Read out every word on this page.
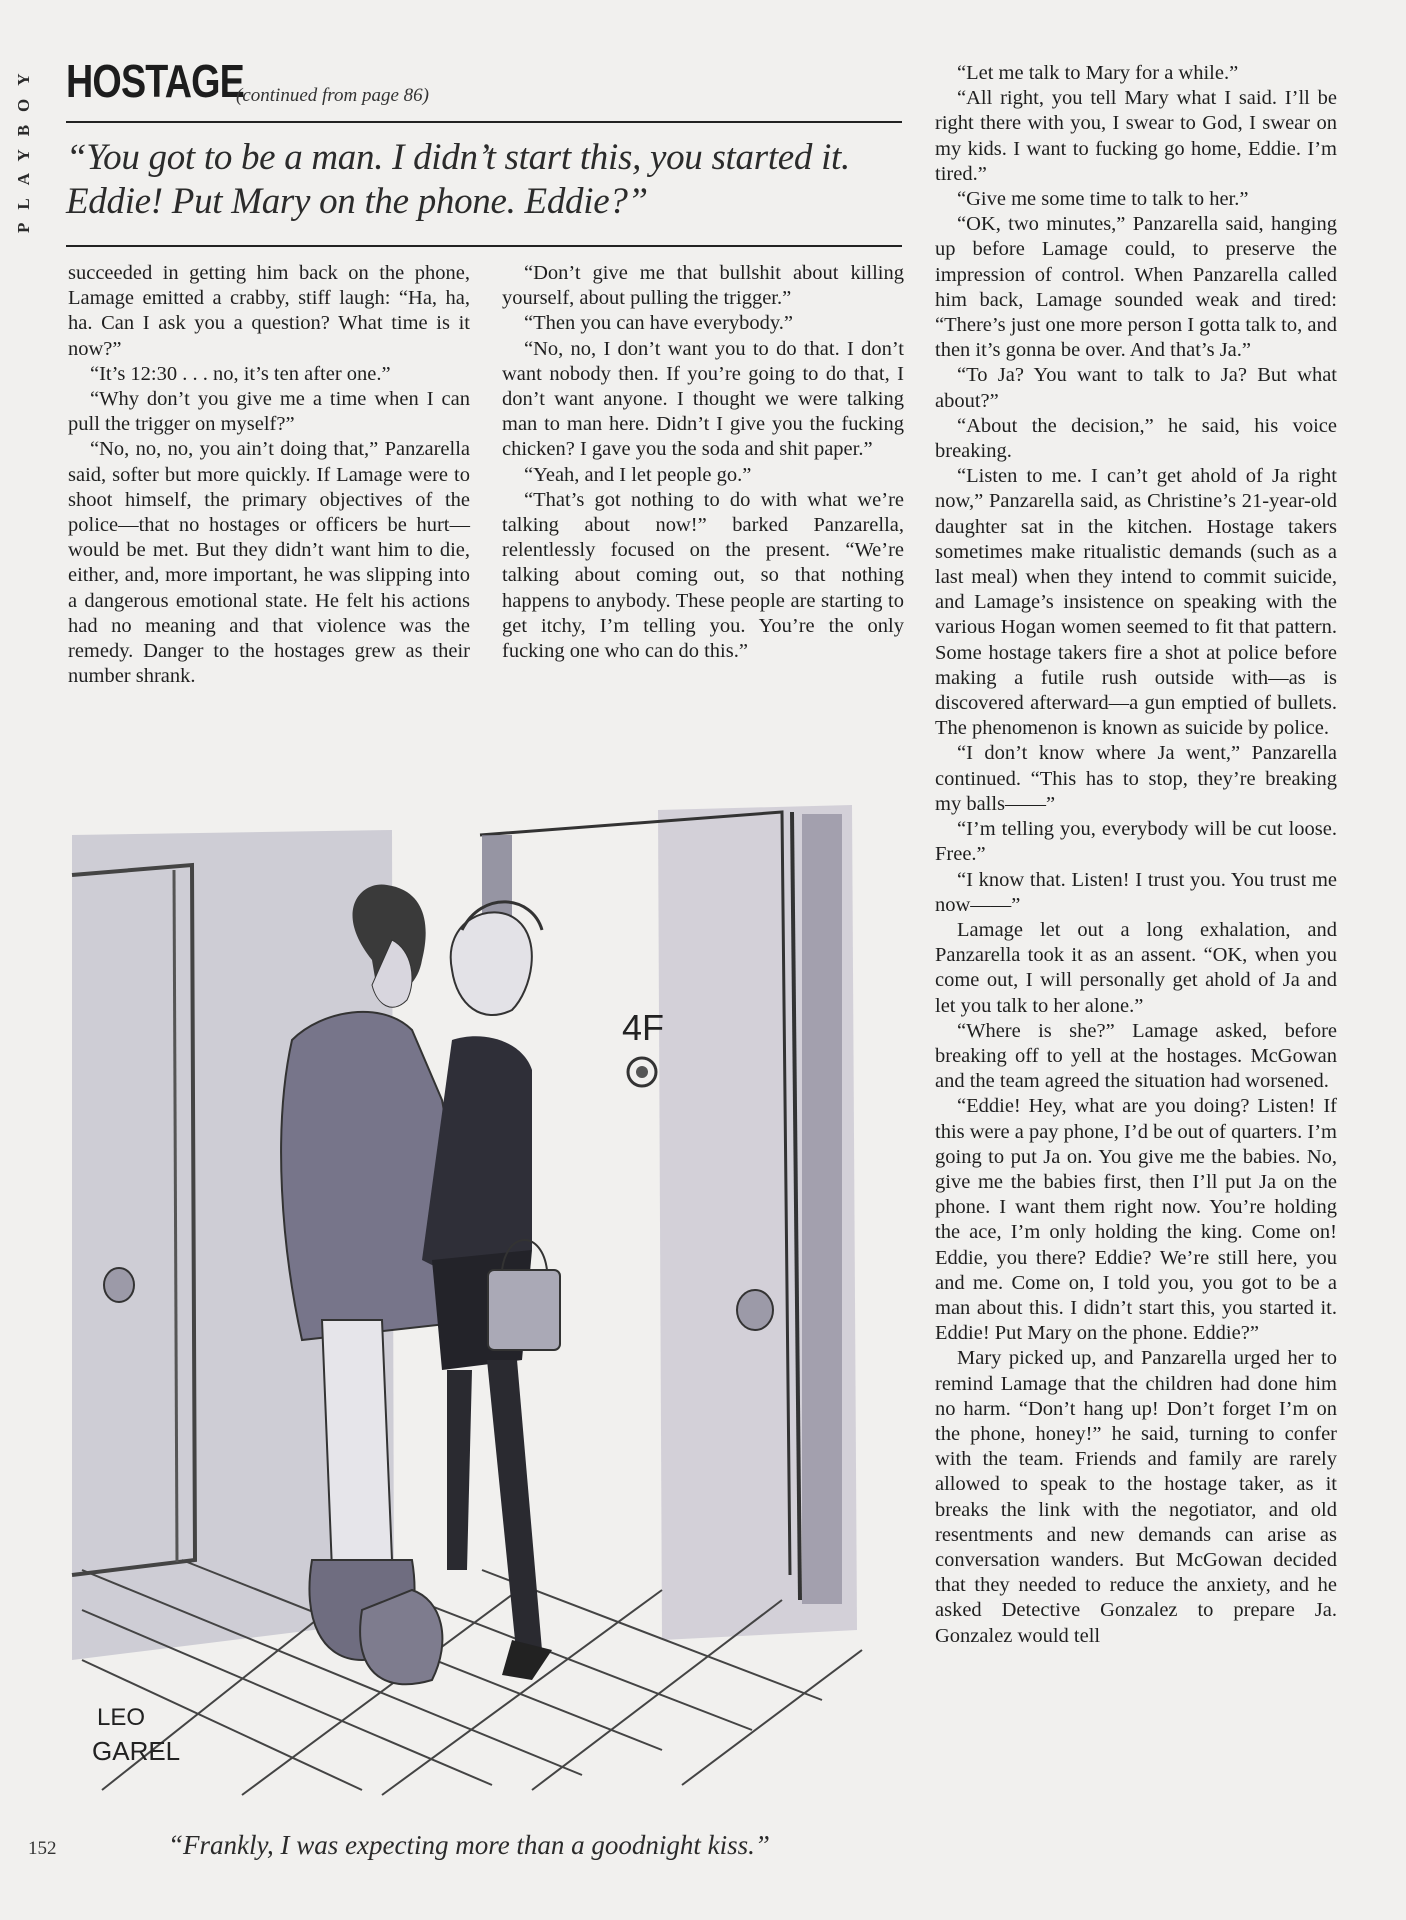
PLAYBOY HOSTAGE
(continued from page 86)
“You got to be a man. I didn’t start this, you started it. Eddie! Put Mary on the phone. Eddie?”

succeeded in getting him back on the phone, Lamage emitted a crabby, stiff laugh: “Ha, ha, ha. Can I ask you a question? What time is it now?”

“It’s 12:30 . . . no, it’s ten after one.”

“Why don’t you give me a time when I can pull the trigger on myself?”

“No, no, no, you ain’t doing that,” Panzarella said, softer but more quickly. If Lamage were to shoot himself, the primary objectives of the police—that no hostages or officers be hurt—would be met. But they didn’t want him to die, either, and, more important, he was slipping into a dangerous emotional state. He felt his actions had no meaning and that violence was the remedy. Danger to the hostages grew as their number shrank.

“Don’t give me that bullshit about killing yourself, about pulling the trigger.”

“Then you can have everybody.”

“No, no, I don’t want you to do that. I don’t want nobody then. If you’re going to do that, I don’t want anyone. I thought we were talking man to man here. Didn’t I give you the fucking chicken? I gave you the soda and shit paper.”

“Yeah, and I let people go.”

“That’s got nothing to do with what we’re talking about now!” barked Panzarella, relentlessly focused on the present. “We’re talking about coming out, so that nothing happens to anybody. These people are starting to get itchy, I’m telling you. You’re the only fucking one who can do this.”

“Let me talk to Mary for a while.”

“All right, you tell Mary what I said. I’ll be right there with you, I swear to God, I swear on my kids. I want to fucking go home, Eddie. I’m tired.”

“Give me some time to talk to her.”

“OK, two minutes,” Panzarella said, hanging up before Lamage could, to preserve the impression of control. When Panzarella called him back, Lamage sounded weak and tired: “There’s just one more person I gotta talk to, and then it’s gonna be over. And that’s Ja.”

“To Ja? You want to talk to Ja? But what about?”

“About the decision,” he said, his voice breaking.

“Listen to me. I can’t get ahold of Ja right now,” Panzarella said, as Christine’s 21-year-old daughter sat in the kitchen. Hostage takers sometimes make ritualistic demands (such as a last meal) when they intend to commit suicide, and Lamage’s insistence on speaking with the various Hogan women seemed to fit that pattern. Some hostage takers fire a shot at police before making a futile rush outside with—as is discovered afterward—a gun emptied of bullets. The phenomenon is known as suicide by police.

“I don’t know where Ja went,” Panzarella continued. “This has to stop, they’re breaking my balls——”

“I’m telling you, everybody will be cut loose. Free.”

“I know that. Listen! I trust you. You trust me now——”

Lamage let out a long exhalation, and Panzarella took it as an assent. “OK, when you come out, I will personally get ahold of Ja and let you talk to her alone.”

“Where is she?” Lamage asked, before breaking off to yell at the hostages. McGowan and the team agreed the situation had worsened.

“Eddie! Hey, what are you doing? Listen! If this were a pay phone, I’d be out of quarters. I’m going to put Ja on. You give me the babies. No, give me the babies first, then I’ll put Ja on the phone. I want them right now. You’re holding the ace, I’m only holding the king. Come on! Eddie, you there? Eddie? We’re still here, you and me. Come on, I told you, you got to be a man about this. I didn’t start this, you started it. Eddie! Put Mary on the phone. Eddie?”

Mary picked up, and Panzarella urged her to remind Lamage that the children had done him no harm. “Don’t hang up! Don’t forget I’m on the phone, honey!” he said, turning to confer with the team. Friends and family are rarely allowed to speak to the hostage taker, as it breaks the link with the negotiator, and old resentments and new demands can arise as conversation wanders. But McGowan decided that they needed to reduce the anxiety, and he asked Detective Gonzalez to prepare Ja. Gonzalez would tell

4F
LEO
GAREL
“Frankly, I was expecting more than a goodnight kiss.”
152
